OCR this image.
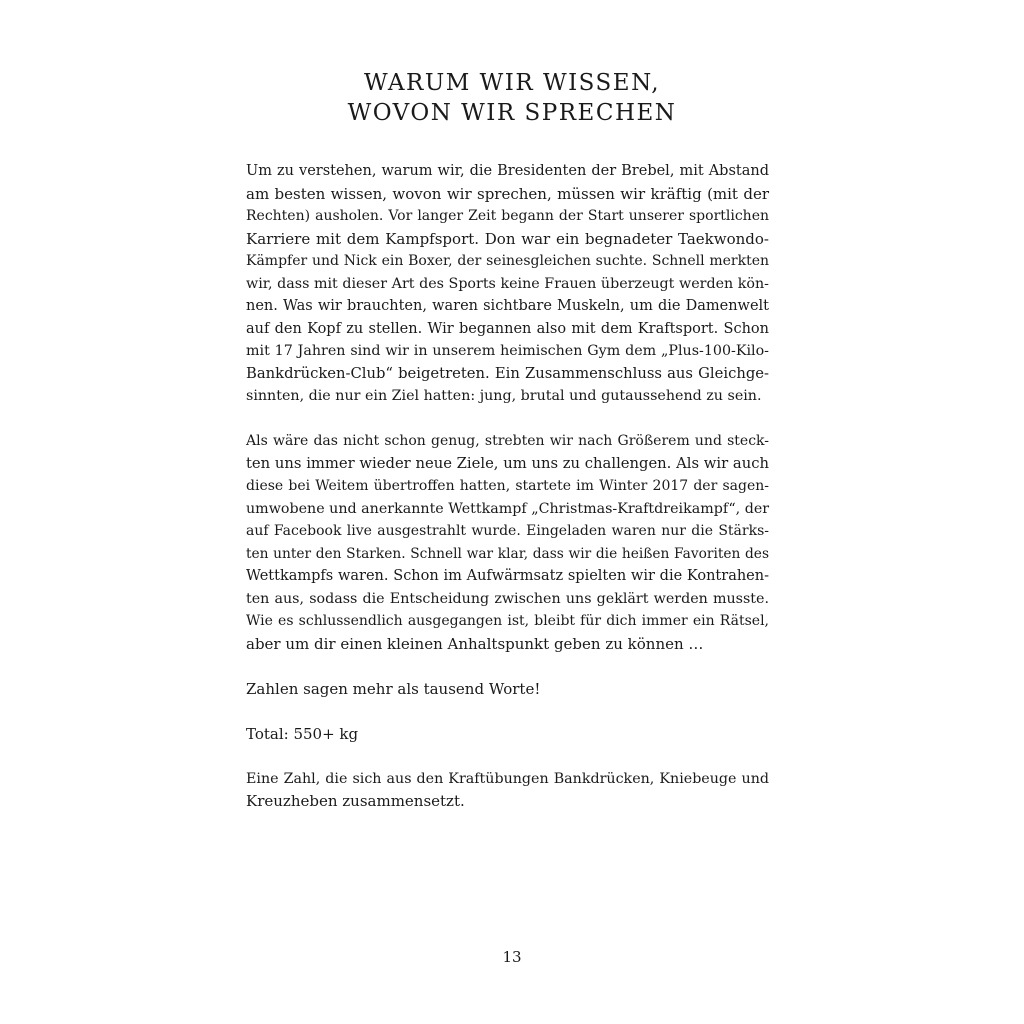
WARUM WIR WISSEN,
WOVON WIR SPRECHEN
Um zu verstehen, warum wir, die Bresidenten der Brebel, mit Abstand
am besten wissen, wovon wir sprechen, müssen wir kräftig (mit der
Rechten) ausholen. Vor langer Zeit begann der Start unserer sportlichen
Karriere mit dem Kampfsport. Don war ein begnadeter Taekwondo-
Kämpfer und Nick ein Boxer, der seinesgleichen suchte. Schnell merkten
wir, dass mit dieser Art des Sports keine Frauen überzeugt werden kön-
nen. Was wir brauchten, waren sichtbare Muskeln, um die Damenwelt
auf den Kopf zu stellen. Wir begannen also mit dem Kraftsport. Schon
mit 17 Jahren sind wir in unserem heimischen Gym dem „Plus-100-Kilo-
Bankdrücken-Club“ beigetreten. Ein Zusammenschluss aus Gleichge-
sinnten, die nur ein Ziel hatten: jung, brutal und gutaussehend zu sein.
Als wäre das nicht schon genug, strebten wir nach Größerem und steck-
ten uns immer wieder neue Ziele, um uns zu challengen. Als wir auch
diese bei Weitem übertroffen hatten, startete im Winter 2017 der sagen-
umwobene und anerkannte Wettkampf „Christmas-Kraftdreikampf“, der
auf Facebook live ausgestrahlt wurde. Eingeladen waren nur die Stärks-
ten unter den Starken. Schnell war klar, dass wir die heißen Favoriten des
Wettkampfs waren. Schon im Aufwärmsatz spielten wir die Kontrahen-
ten aus, sodass die Entscheidung zwischen uns geklärt werden musste.
Wie es schlussendlich ausgegangen ist, bleibt für dich immer ein Rätsel,
aber um dir einen kleinen Anhaltspunkt geben zu können …
Zahlen sagen mehr als tausend Worte!
Total: 550+ kg
Eine Zahl, die sich aus den Kraftübungen Bankdrücken, Kniebeuge und
Kreuzheben zusammensetzt.
13
